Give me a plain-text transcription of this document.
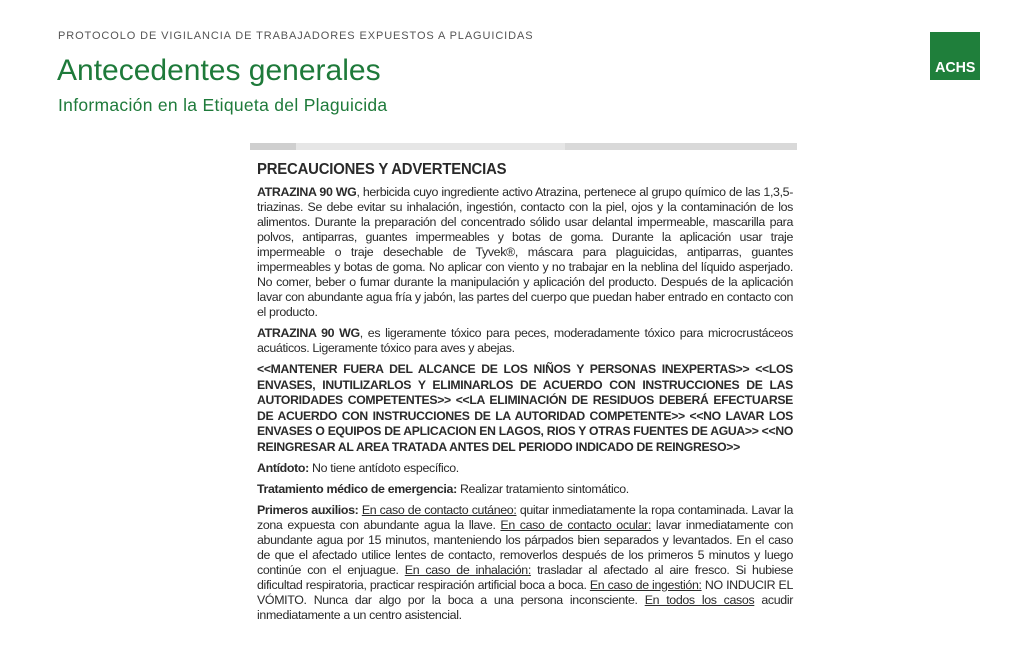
PROTOCOLO DE VIGILANCIA DE TRABAJADORES EXPUESTOS A PLAGUICIDAS
Antecedentes generales
Información en la Etiqueta del Plaguicida
ACHS
PRECAUCIONES Y ADVERTENCIAS

ATRAZINA 90 WG, herbicida cuyo ingrediente activo Atrazina, pertenece al grupo químico de las 1,3,5-triazinas. Se debe evitar su inhalación, ingestión, contacto con la piel, ojos y la contaminación de los alimentos. Durante la preparación del concentrado sólido usar delantal impermeable, mascarilla para polvos, antiparras, guantes impermeables y botas de goma. Durante la aplicación usar traje impermeable o traje desechable de Tyvek®, máscara para plaguicidas, antiparras, guantes impermeables y botas de goma. No aplicar con viento y no trabajar en la neblina del líquido asperjado. No comer, beber o fumar durante la manipulación y aplicación del producto. Después de la aplicación lavar con abundante agua fría y jabón, las partes del cuerpo que puedan haber entrado en contacto con el producto.

ATRAZINA 90 WG, es ligeramente tóxico para peces, moderadamente tóxico para microcrustáceos acuáticos. Ligeramente tóxico para aves y abejas.

<<MANTENER FUERA DEL ALCANCE DE LOS NIÑOS Y PERSONAS INEXPERTAS>> <<LOS ENVASES, INUTILIZARLOS Y ELIMINARLOS DE ACUERDO CON INSTRUCCIONES DE LAS AUTORIDADES COMPETENTES>> <<LA ELIMINACIÓN DE RESIDUOS DEBERÁ EFECTUARSE DE ACUERDO CON INSTRUCCIONES DE LA AUTORIDAD COMPETENTE>> <<NO LAVAR LOS ENVASES O EQUIPOS DE APLICACION EN LAGOS, RIOS Y OTRAS FUENTES DE AGUA>> <<NO REINGRESAR AL AREA TRATADA ANTES DEL PERIODO INDICADO DE REINGRESO>>

Antídoto: No tiene antídoto específico.

Tratamiento médico de emergencia: Realizar tratamiento sintomático.

Primeros auxilios: En caso de contacto cutáneo: quitar inmediatamente la ropa contaminada. Lavar la zona expuesta con abundante agua la llave. En caso de contacto ocular: lavar inmediatamente con abundante agua por 15 minutos, manteniendo los párpados bien separados y levantados. En el caso de que el afectado utilice lentes de contacto, removerlos después de los primeros 5 minutos y luego continúe con el enjuague. En caso de inhalación: trasladar al afectado al aire fresco. Si hubiese dificultad respiratoria, practicar respiración artificial boca a boca. En caso de ingestión: NO INDUCIR EL VÓMITO. Nunca dar algo por la boca a una persona inconsciente. En todos los casos acudir inmediatamente a un centro asistencial.
